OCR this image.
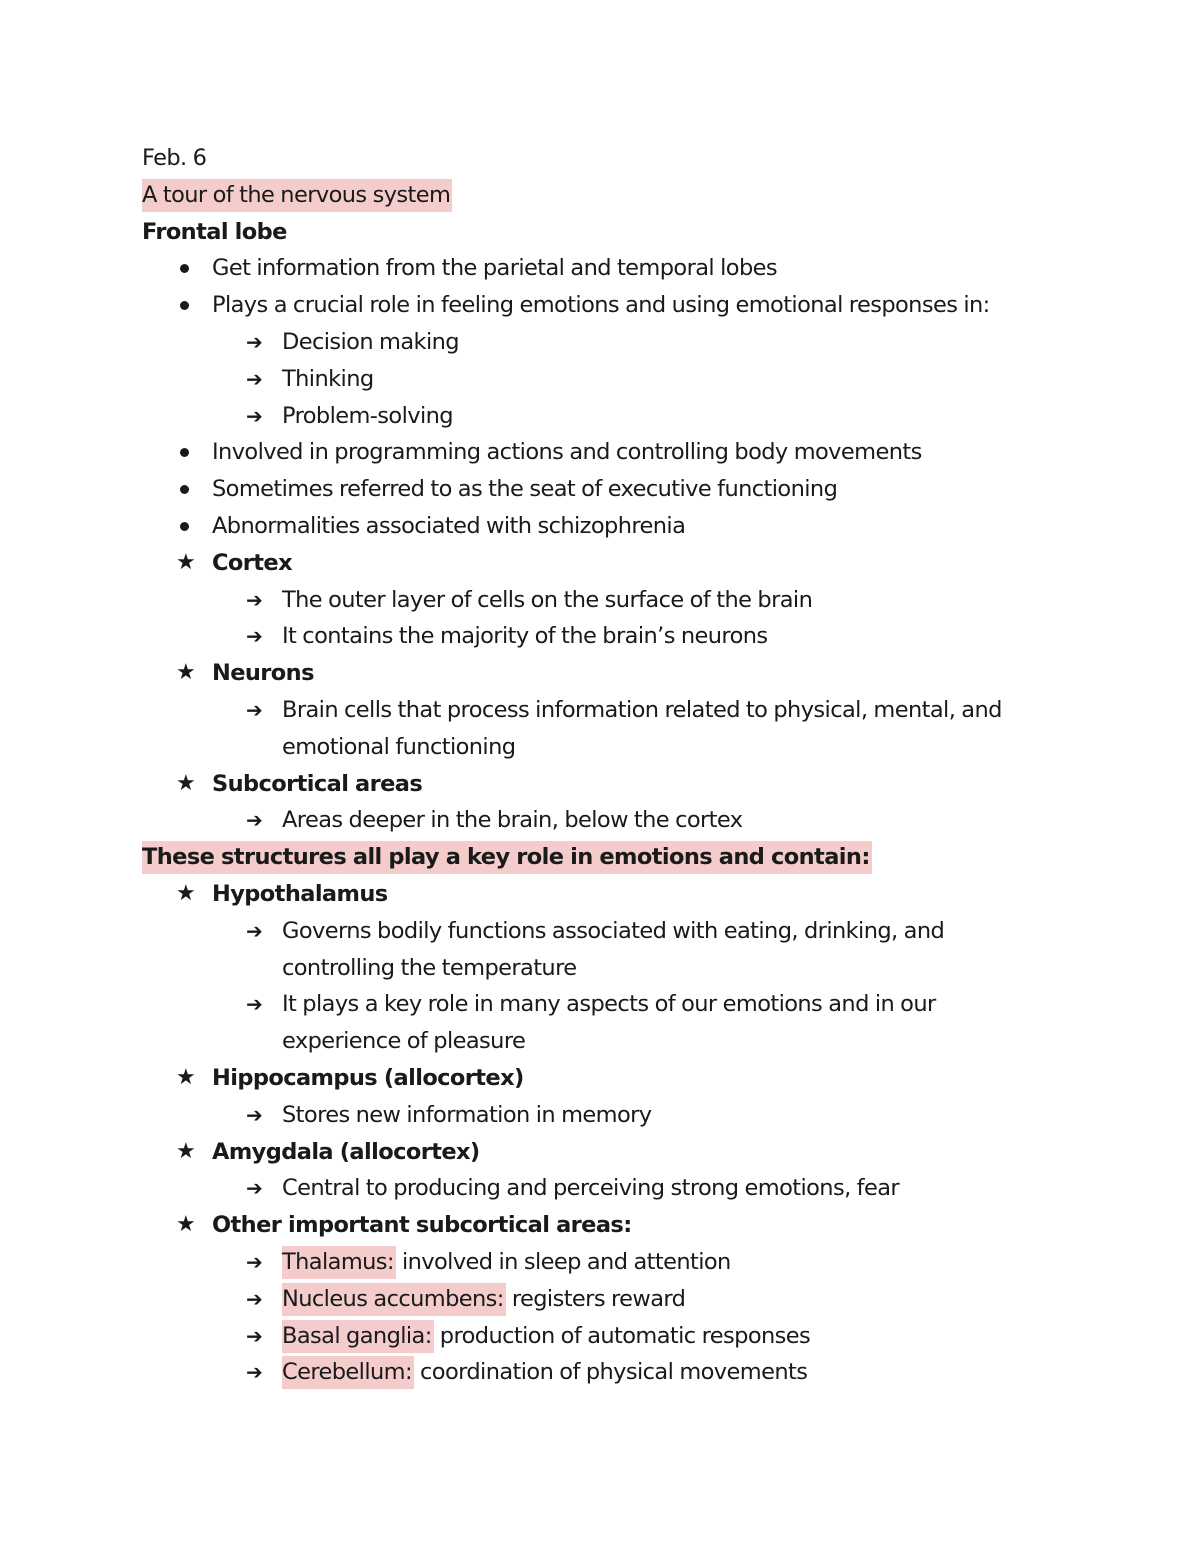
Feb. 6
A tour of the nervous system
Frontal lobe
Get information from the parietal and temporal lobes
Plays a crucial role in feeling emotions and using emotional responses in:
➔ Decision making
➔ Thinking
➔ Problem-solving
Involved in programming actions and controlling body movements
Sometimes referred to as the seat of executive functioning
Abnormalities associated with schizophrenia
★ Cortex
➔ The outer layer of cells on the surface of the brain
➔ It contains the majority of the brain’s neurons
★ Neurons
➔ Brain cells that process information related to physical, mental, and emotional functioning
★ Subcortical areas
➔ Areas deeper in the brain, below the cortex
These structures all play a key role in emotions and contain:
★ Hypothalamus
➔ Governs bodily functions associated with eating, drinking, and controlling the temperature
➔ It plays a key role in many aspects of our emotions and in our experience of pleasure
★ Hippocampus (allocortex)
➔ Stores new information in memory
★ Amygdala (allocortex)
➔ Central to producing and perceiving strong emotions, fear
★ Other important subcortical areas:
➔ Thalamus: involved in sleep and attention
➔ Nucleus accumbens: registers reward
➔ Basal ganglia: production of automatic responses
➔ Cerebellum: coordination of physical movements
